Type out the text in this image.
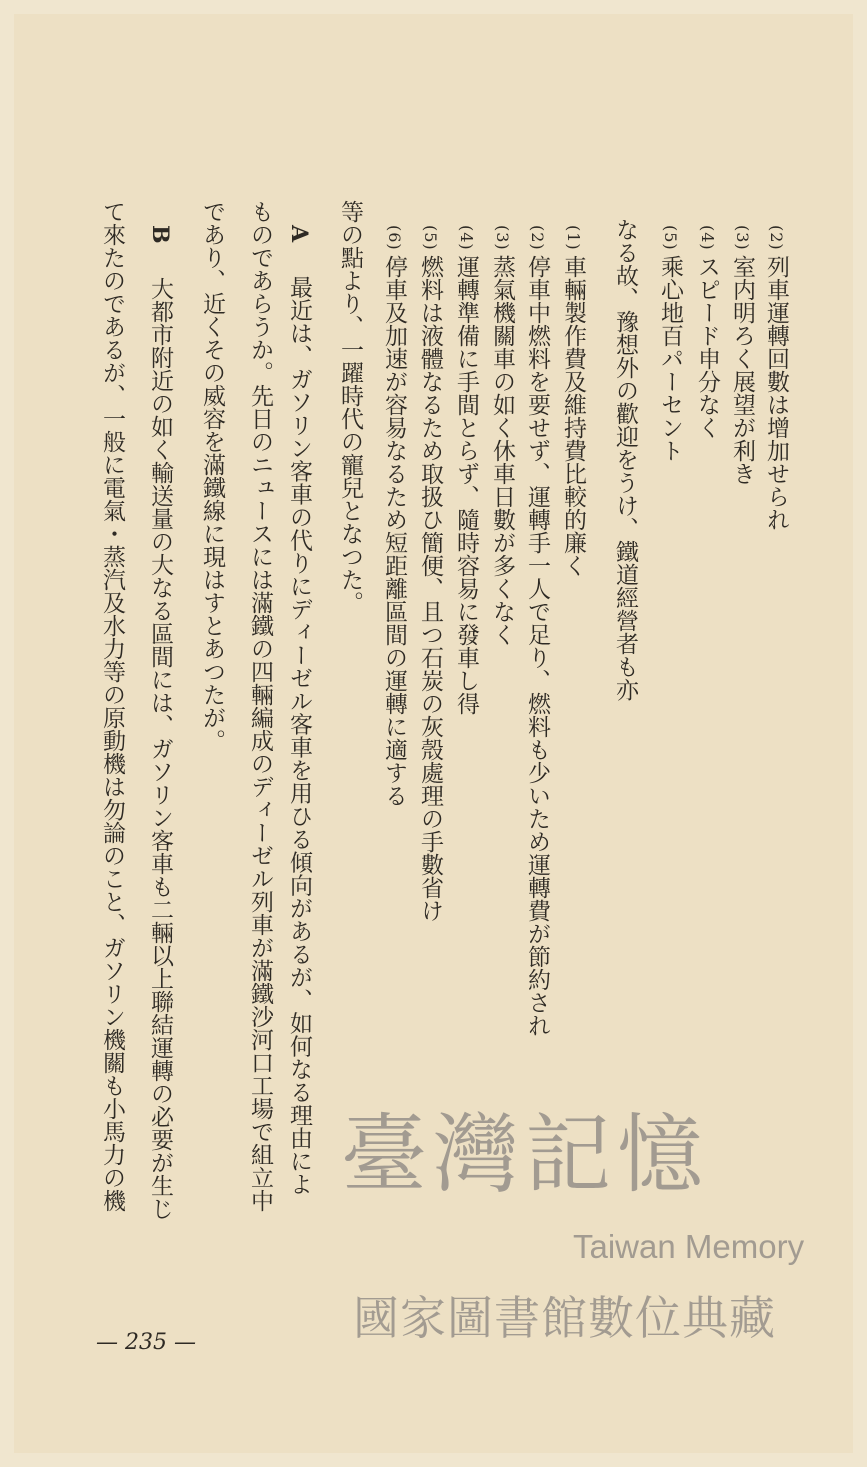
(2)列車運轉回數は增加せられ
(3)室内明ろく展望が利き
(4)スピード申分なく
(5)乘心地百パーセント
なる故、豫想外の歡迎をうけ、鐵道經營者も亦
(1)車輛製作費及維持費比較的廉く
(2)停車中燃料を要せず、運轉手一人で足り、燃料も少いため運轉費が節約され
(3)蒸氣機關車の如く休車日數が多くなく
(4)運轉準備に手間とらず、隨時容易に發車し得
(5)燃料は液體なるため取扱ひ簡便、且つ石炭の灰殼處理の手數省け
(6)停車及加速が容易なるため短距離區間の運轉に適する
等の點より、一躍時代の寵兒となつた。
A　最近は、ガソリン客車の代りにディーゼル客車を用ひる傾向があるが、如何なる理由によ
ものであらうか。先日のニュースには滿鐵の四輛編成のディーゼル列車が滿鐵沙河口工場で組立中
であり、近くその威容を滿鐵線に現はすとあつたが。
B　大都市附近の如く輸送量の大なる區間には、ガソリン客車も二輛以上聯結運轉の必要が生じ
て來たのであるが、一般に電氣・蒸汽及水力等の原動機は勿論のこと、ガソリン機關も小馬力の機
— 235 —
臺灣記憶
Taiwan Memory
國家圖書館數位典藏
